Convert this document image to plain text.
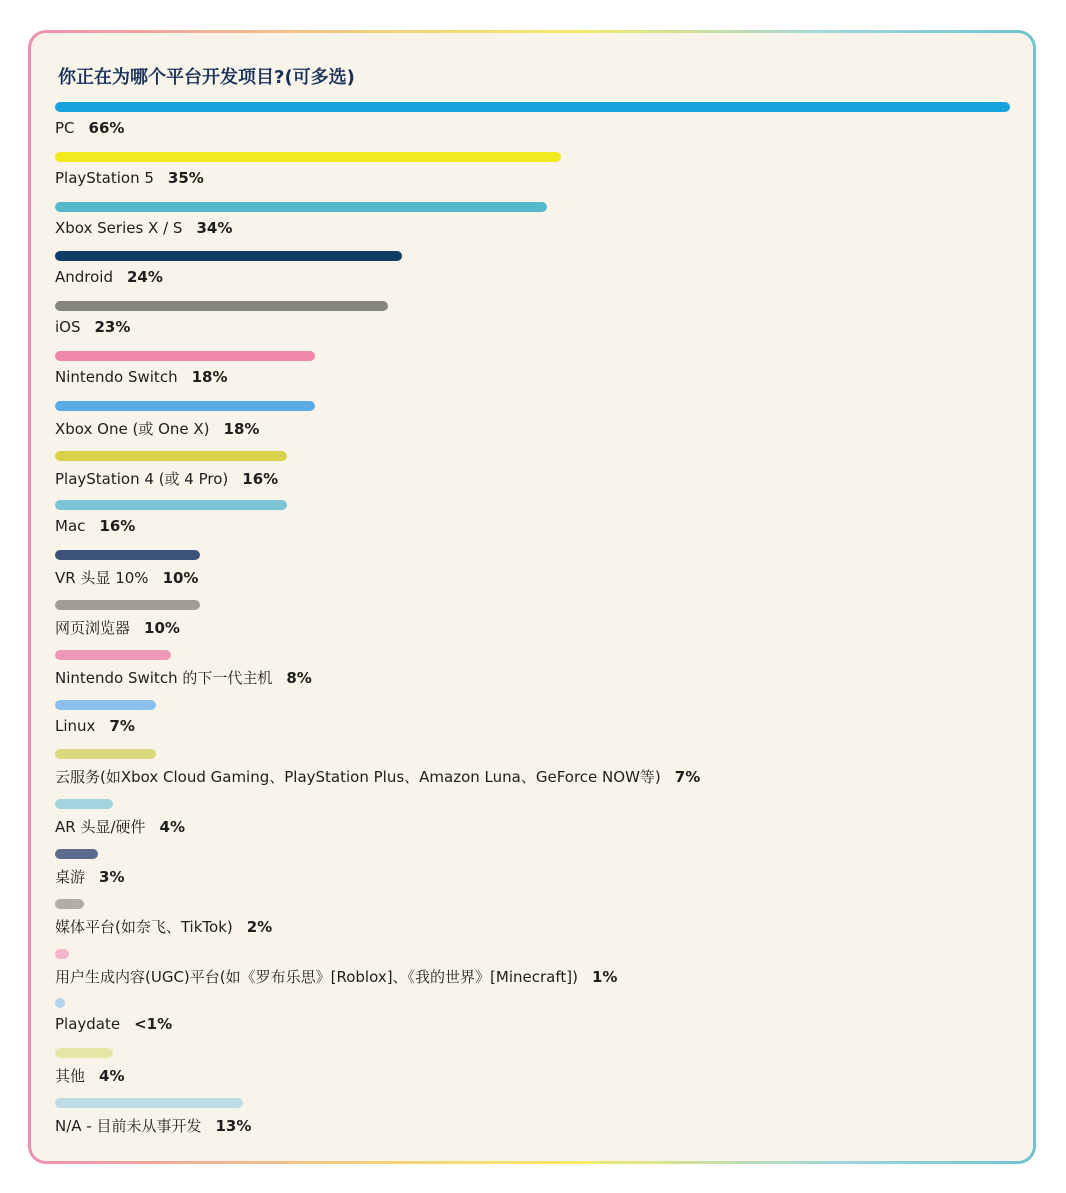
你正在为哪个平台开发项目?(可多选)
PC 66%
PlayStation 5 35%
Xbox Series X / S 34%
Android 24%
iOS 23%
Nintendo Switch 18%
Xbox One (或 One X) 18%
PlayStation 4 (或 4 Pro) 16%
Mac 16%
VR 头显 10% 10%
网页浏览器 10%
Nintendo Switch 的下一代主机 8%
Linux 7%
云服务(如Xbox Cloud Gaming、PlayStation Plus、Amazon Luna、GeForce NOW等) 7%
AR 头显/硬件 4%
桌游 3%
媒体平台(如奈飞、TikTok) 2%
用户生成内容(UGC)平台(如《罗布乐思》[Roblox]、《我的世界》[Minecraft]) 1%
Playdate <1%
其他 4%
N/A - 目前未从事开发 13%
